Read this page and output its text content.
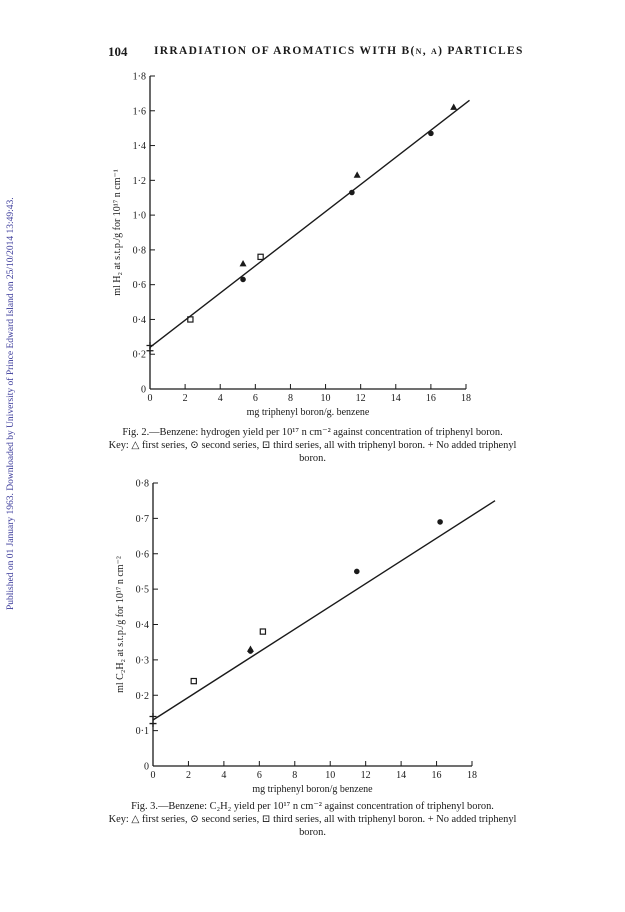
Published on 01 January 1963. Downloaded by University of Prince Edward Island on 25/10/2014 13:49:43.
104 IRRADIATION OF AROMATICS WITH B(n, α) PARTICLES
0
0·2
0·4
0·6
0·8
1·0
1·2
1·4
1·6
1·8
0	2	4	6	8	10	12	14	16	18
mg triphenyl boron/g. benzene
ml H₂ at s.t.p./g for 10¹⁷ n cm⁻¹
Fig. 2.—Benzene: hydrogen yield per 10¹⁷ n cm⁻² against concentration of triphenyl boron.
Key: △ first series, ⊙ second series, ⊡ third series, all with triphenyl boron. + No added triphenyl
boron.
0
0·1
0·2
0·3
0·4
0·5
0·6
0·7
0·8
0	2	4	6	8	10	12	14	16	18
mg triphenyl boron/g benzene
ml C₂H₂ at s.t.p./g for 10¹⁷ n cm⁻²
Fig. 3.—Benzene: C₂H₂ yield per 10¹⁷ n cm⁻² against concentration of triphenyl boron.
Key: △ first series, ⊙ second series, ⊡ third series, all with triphenyl boron. + No added triphenyl
boron.
